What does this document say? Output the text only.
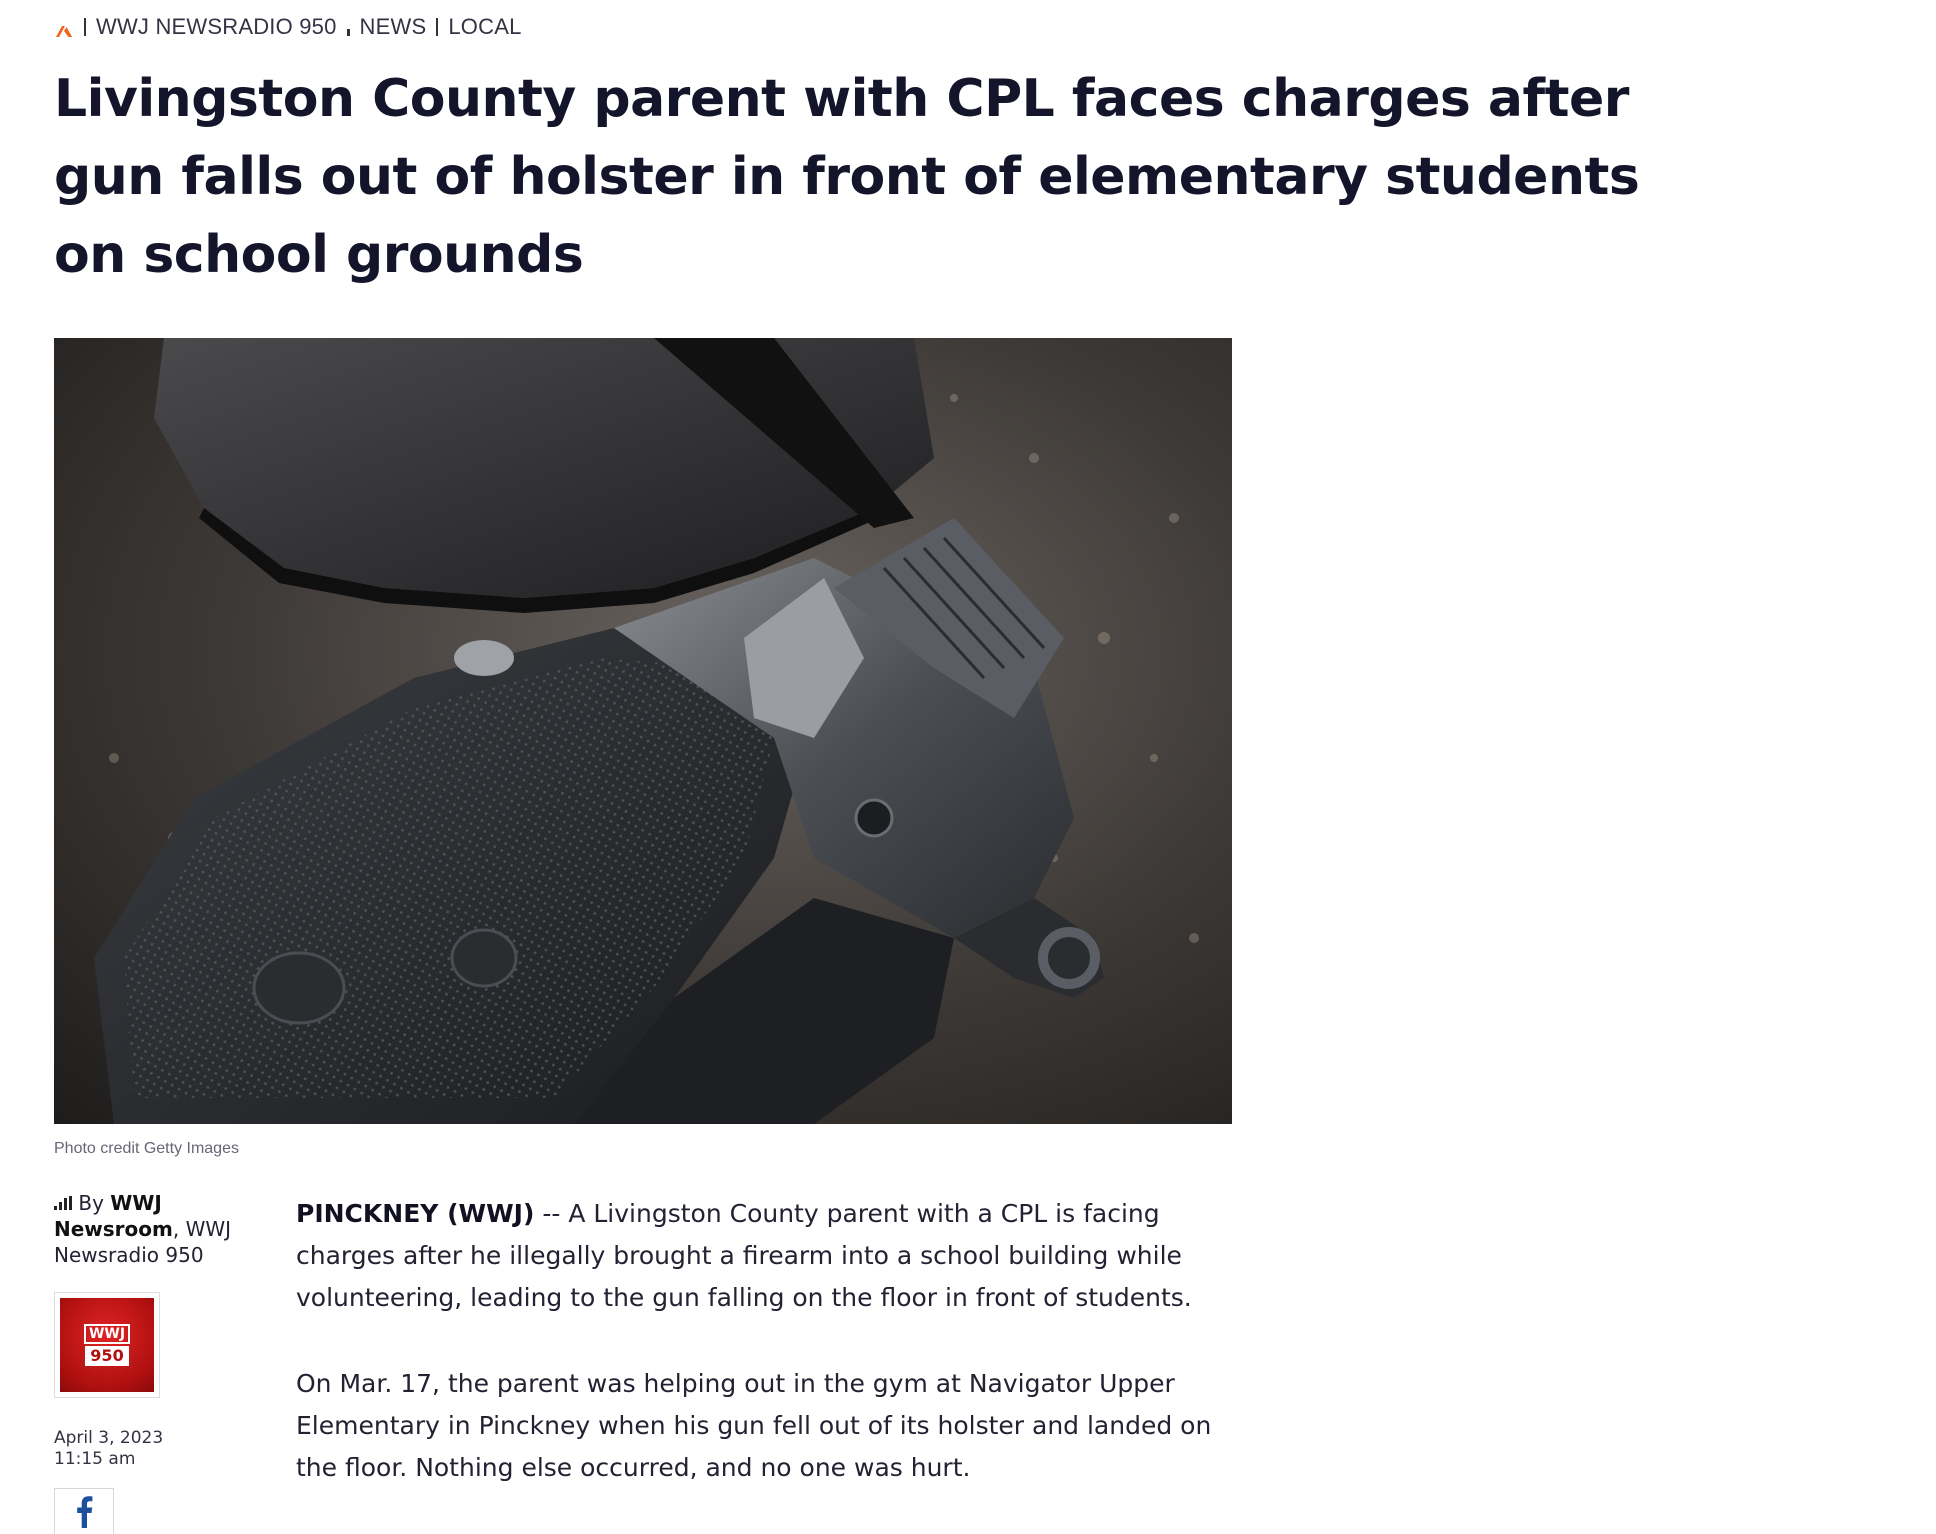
WWJ NEWSRADIO 950 NEWS LOCAL
Livingston County parent with CPL faces charges after gun falls out of holster in front of elementary students on school grounds
Photo credit Getty Images
By WWJ Newsroom, WWJ Newsradio 950
WWJ
950
April 3, 2023
11:15 am

PINCKNEY (WWJ) -- A Livingston County parent with a CPL is facing charges after he illegally brought a firearm into a school building while volunteering, leading to the gun falling on the floor in front of students.

On Mar. 17, the parent was helping out in the gym at Navigator Upper Elementary in Pinckney when his gun fell out of its holster and landed on the floor. Nothing else occurred, and no one was hurt.
